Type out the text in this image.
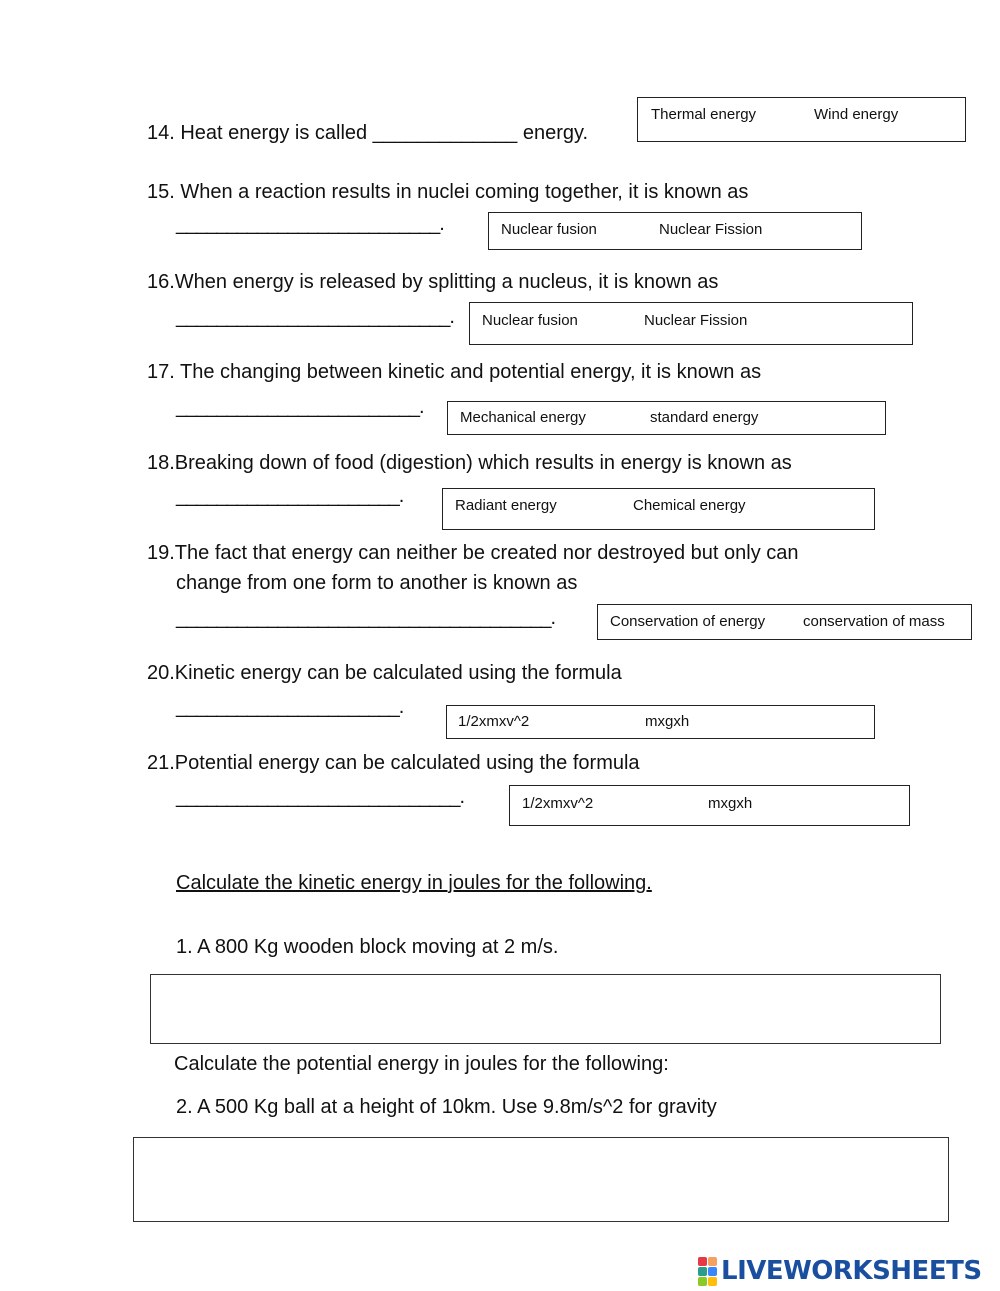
14. Heat energy is called _____________ energy.
Thermal energy	Wind energy
15. When a reaction results in nuclei coming together, it is known as
__________________________.	Nuclear fusion	Nuclear Fission
16.When energy is released by splitting a nucleus, it is known as
___________________________. Nuclear fusion	Nuclear Fission
17. The changing between kinetic and potential energy, it is known as
________________________. Mechanical energy	standard energy
18.Breaking down of food (digestion) which results in energy is known as
______________________.	Radiant energy	Chemical energy
19.The fact that energy can neither be created nor destroyed but only can
change from one form to another is known as
_____________________________________.	Conservation of energy	conservation of mass
20.Kinetic energy can be calculated using the formula
______________________.
1/2xmxv^2	mxgxh
21.Potential energy can be calculated using the formula
____________________________.	1/2xmxv^2	mxgxh
Calculate the kinetic energy in joules for the following.
1. A 800 Kg wooden block moving at 2 m/s.
Calculate the potential energy in joules for the following:
2. A 500 Kg ball at a height of 10km. Use 9.8m/s^2 for gravity
LIVEWORKSHEETS
